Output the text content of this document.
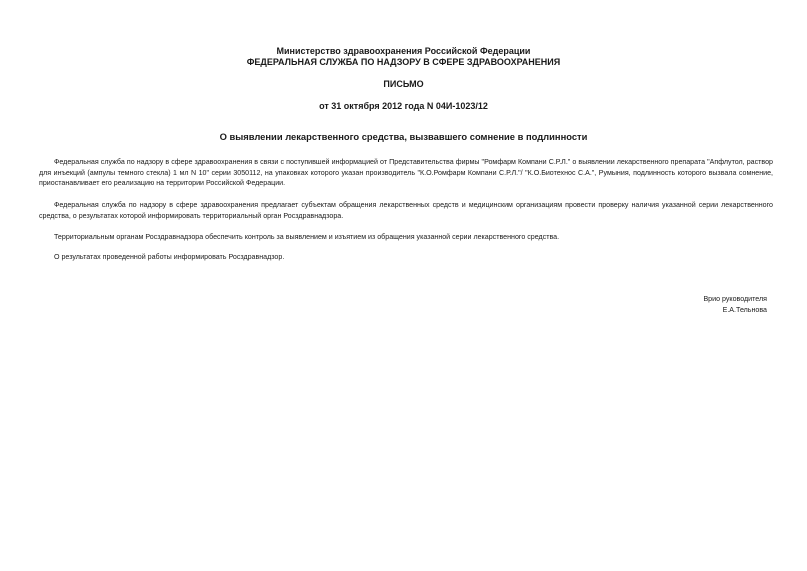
Министерство здравоохранения Российской Федерации
ФЕДЕРАЛЬНАЯ СЛУЖБА ПО НАДЗОРУ В СФЕРЕ ЗДРАВООХРАНЕНИЯ
ПИСЬМО
от 31 октября 2012 года N 04И-1023/12
О выявлении лекарственного средства, вызвавшего сомнение в подлинности
Федеральная служба по надзору в сфере здравоохранения в связи с поступившей информацией от Представительства фирмы "Ромфарм Компани С.Р.Л." о выявлении лекарственного препарата "Апфлутол, раствор для инъекций (ампулы темного стекла) 1 мл N 10" серии 3050112, на упаковках которого указан производитель "К.О.Ромфарм Компани С.Р.Л."/ "К.О.Биотехнос С.А.", Румыния, подлинность которого вызвала сомнение, приостанавливает его реализацию на территории Российской Федерации.
Федеральная служба по надзору в сфере здравоохранения предлагает субъектам обращения лекарственных средств и медицинским организациям провести проверку наличия указанной серии лекарственного средства, о результатах которой информировать территориальный орган Росздравнадзора.
Территориальным органам Росздравнадзора обеспечить контроль за выявлением и изъятием из обращения указанной серии лекарственного средства.
О результатах проведенной работы информировать Росздравнадзор.
Врио руководителя
Е.А.Тельнова
